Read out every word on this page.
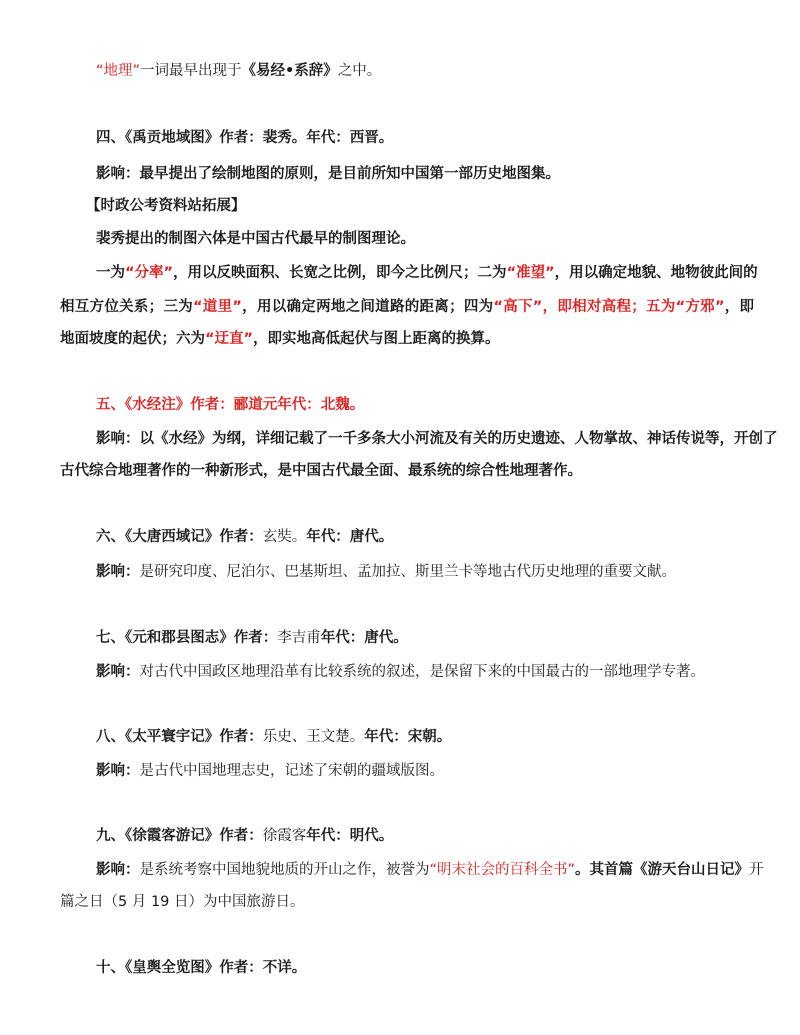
“地理”一词最早出现于《易经•系辞》之中。
四、《禹贡地域图》作者：裴秀。年代：西晋。
影响：最早提出了绘制地图的原则，是目前所知中国第一部历史地图集。
【时政公考资料站拓展】
裴秀提出的制图六体是中国古代最早的制图理论。
一为“分率”，用以反映面积、长宽之比例，即今之比例尺；二为“准望”，用以确定地貌、地物彼此间的
相互方位关系；三为“道里”，用以确定两地之间道路的距离；四为“高下”，即相对高程；五为“方邪”，即
地面坡度的起伏；六为“迂直”，即实地高低起伏与图上距离的换算。
五、《水经注》作者：郦道元年代：北魏。
影响：以《水经》为纲，详细记载了一千多条大小河流及有关的历史遗迹、人物掌故、神话传说等，开创了
古代综合地理著作的一种新形式，是中国古代最全面、最系统的综合性地理著作。
六、《大唐西域记》作者：玄奘。年代：唐代。
影响：是研究印度、尼泊尔、巴基斯坦、孟加拉、斯里兰卡等地古代历史地理的重要文献。
七、《元和郡县图志》作者：李吉甫年代：唐代。
影响：对古代中国政区地理沿革有比较系统的叙述，是保留下来的中国最古的一部地理学专著。
八、《太平寰宇记》作者：乐史、王文楚。年代：宋朝。
影响：是古代中国地理志史，记述了宋朝的疆域版图。
九、《徐霞客游记》作者：徐霞客年代：明代。
影响：是系统考察中国地貌地质的开山之作，被誉为“明末社会的百科全书”。其首篇《游天台山日记》开
篇之日（5 月 19 日）为中国旅游日。
十、《皇舆全览图》作者：不详。
